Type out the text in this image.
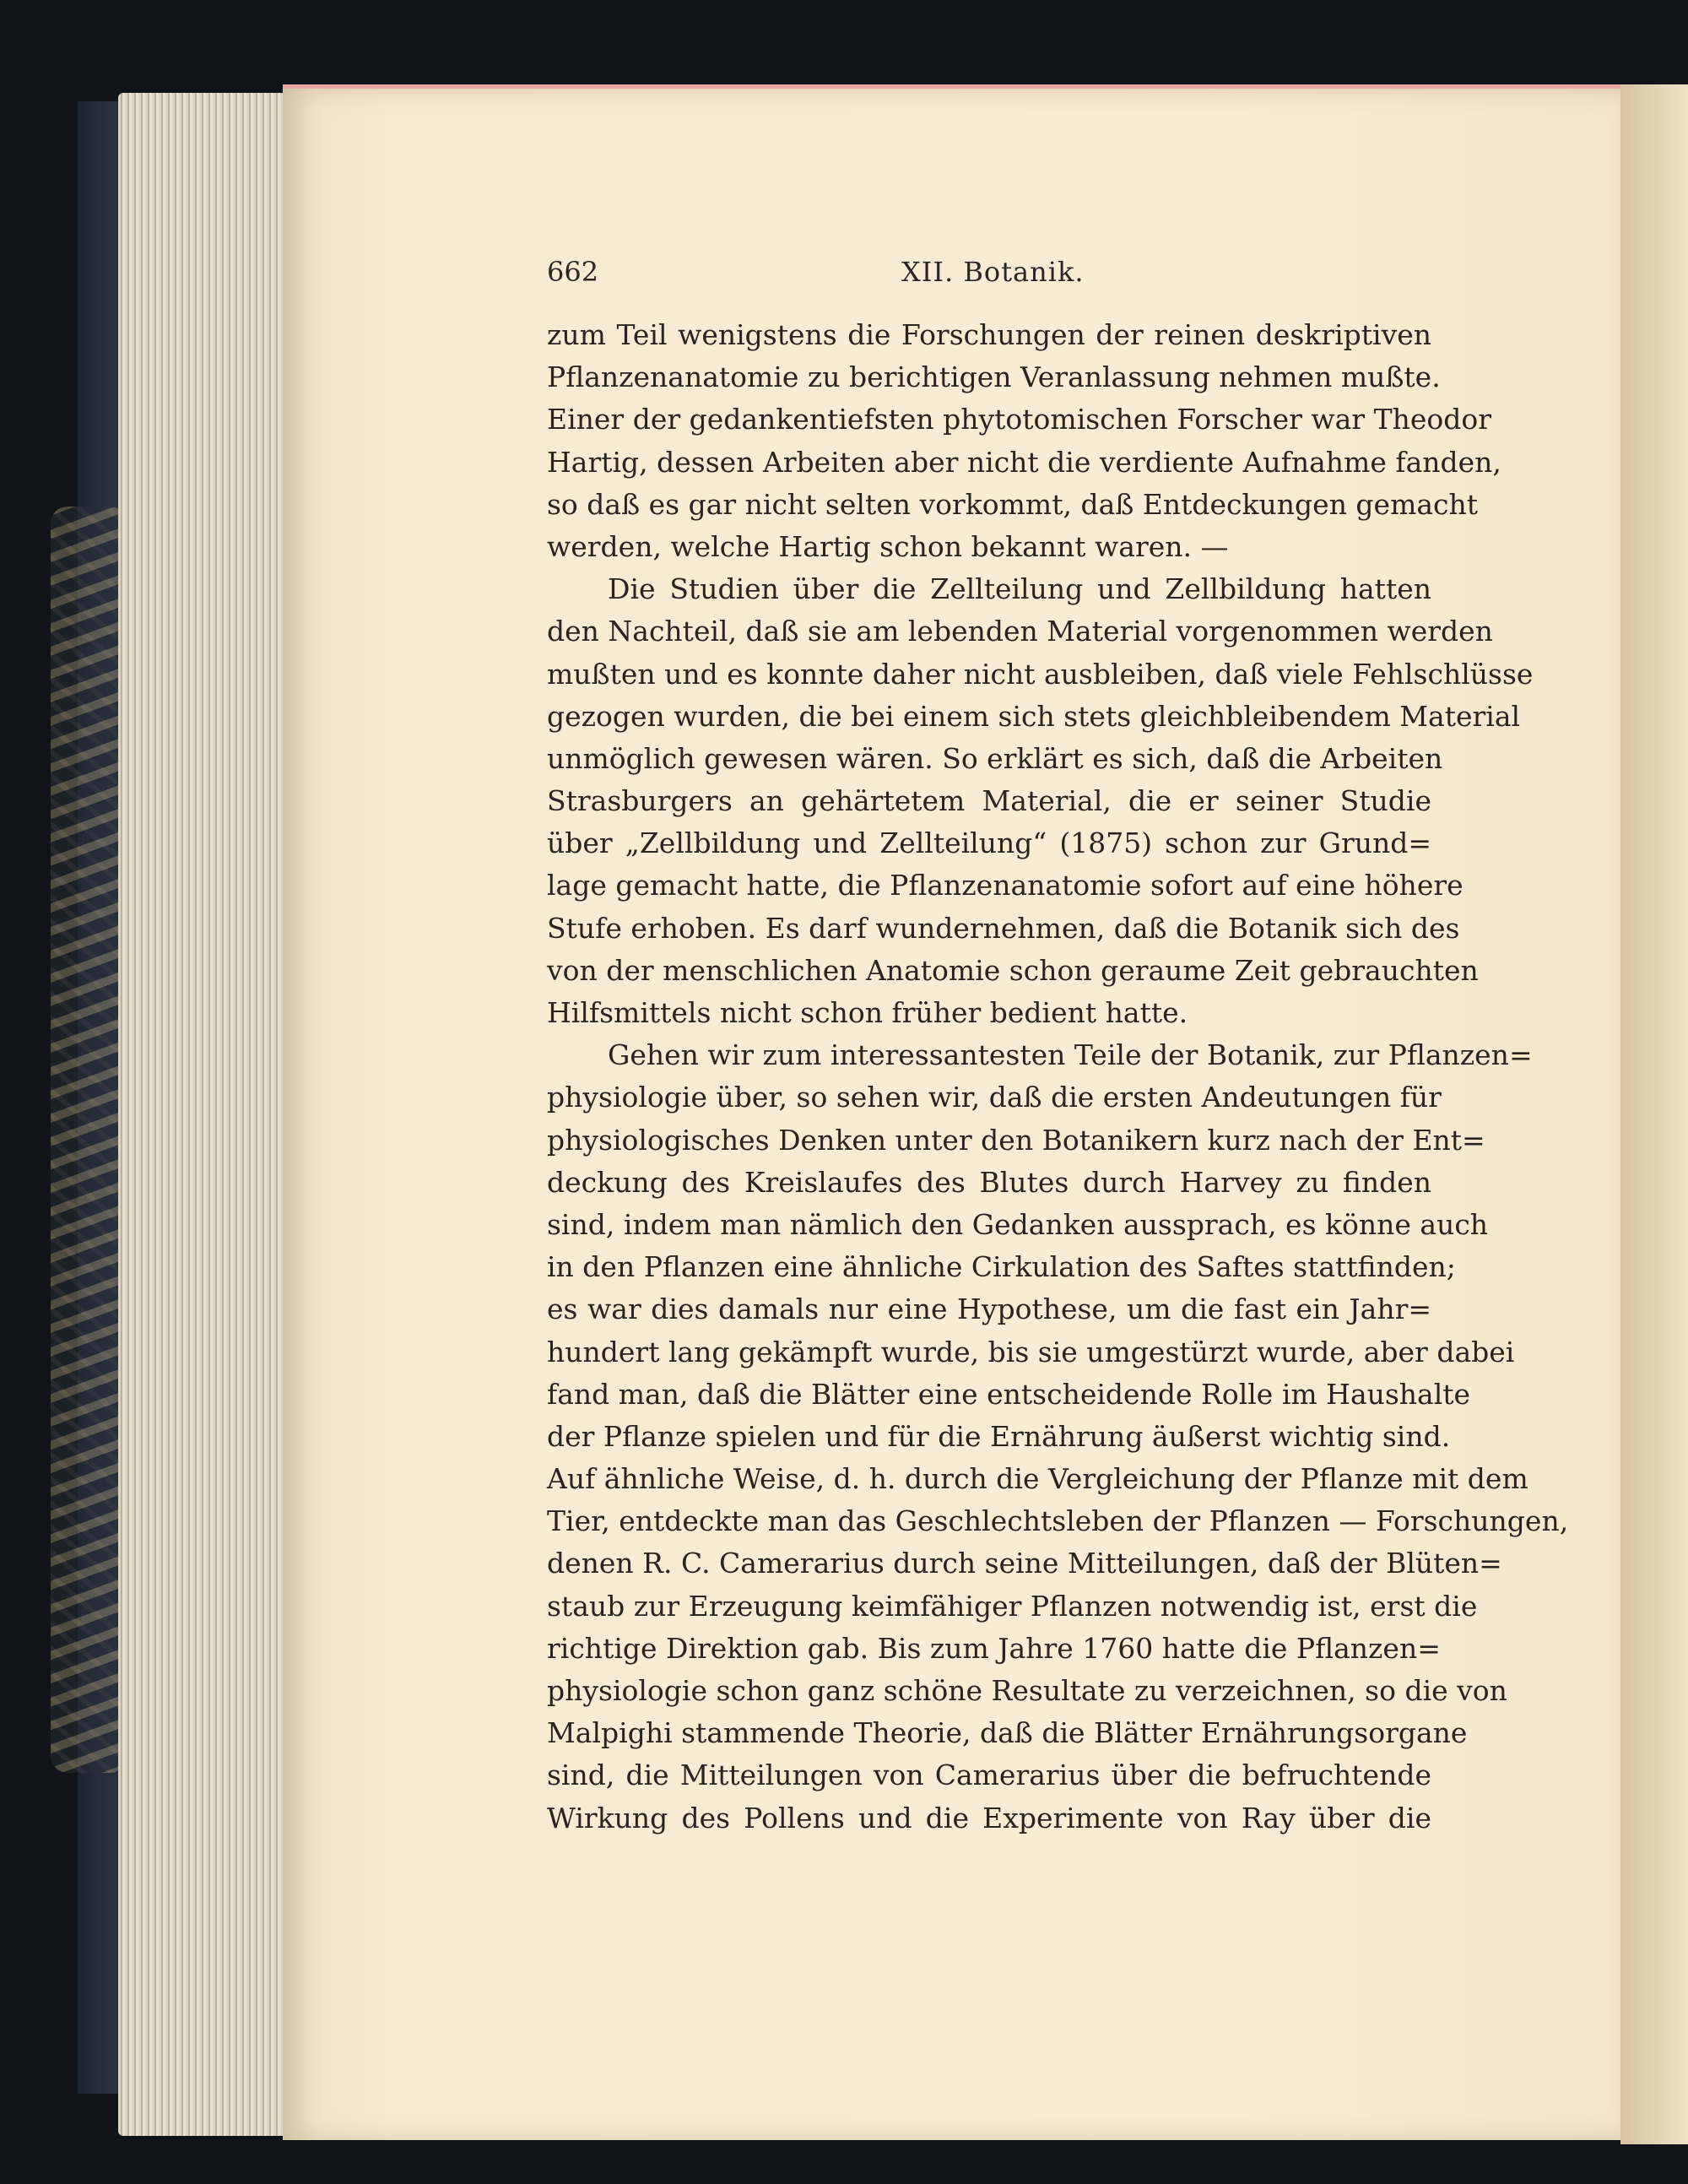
662	XII. Botanik.
zum Teil wenigstens die Forschungen der reinen deskriptiven
Pflanzenanatomie zu berichtigen Veranlassung nehmen mußte.
Einer der gedankentiefsten phytotomischen Forscher war Theodor
Hartig, dessen Arbeiten aber nicht die verdiente Aufnahme fanden,
so daß es gar nicht selten vorkommt, daß Entdeckungen gemacht
werden, welche Hartig schon bekannt waren. —
Die Studien über die Zellteilung und Zellbildung hatten
den Nachteil, daß sie am lebenden Material vorgenommen werden
mußten und es konnte daher nicht ausbleiben, daß viele Fehlschlüsse
gezogen wurden, die bei einem sich stets gleichbleibendem Material
unmöglich gewesen wären. So erklärt es sich, daß die Arbeiten
Strasburgers an gehärtetem Material, die er seiner Studie
über „Zellbildung und Zellteilung“ (1875) schon zur Grund=
lage gemacht hatte, die Pflanzenanatomie sofort auf eine höhere
Stufe erhoben. Es darf wundernehmen, daß die Botanik sich des
von der menschlichen Anatomie schon geraume Zeit gebrauchten
Hilfsmittels nicht schon früher bedient hatte.
Gehen wir zum interessantesten Teile der Botanik, zur Pflanzen=
physiologie über, so sehen wir, daß die ersten Andeutungen für
physiologisches Denken unter den Botanikern kurz nach der Ent=
deckung des Kreislaufes des Blutes durch Harvey zu finden
sind, indem man nämlich den Gedanken aussprach, es könne auch
in den Pflanzen eine ähnliche Cirkulation des Saftes stattfinden;
es war dies damals nur eine Hypothese, um die fast ein Jahr=
hundert lang gekämpft wurde, bis sie umgestürzt wurde, aber dabei
fand man, daß die Blätter eine entscheidende Rolle im Haushalte
der Pflanze spielen und für die Ernährung äußerst wichtig sind.
Auf ähnliche Weise, d. h. durch die Vergleichung der Pflanze mit dem
Tier, entdeckte man das Geschlechtsleben der Pflanzen — Forschungen,
denen R. C. Camerarius durch seine Mitteilungen, daß der Blüten=
staub zur Erzeugung keimfähiger Pflanzen notwendig ist, erst die
richtige Direktion gab. Bis zum Jahre 1760 hatte die Pflanzen=
physiologie schon ganz schöne Resultate zu verzeichnen, so die von
Malpighi stammende Theorie, daß die Blätter Ernährungsorgane
sind, die Mitteilungen von Camerarius über die befruchtende
Wirkung des Pollens und die Experimente von Ray über die
